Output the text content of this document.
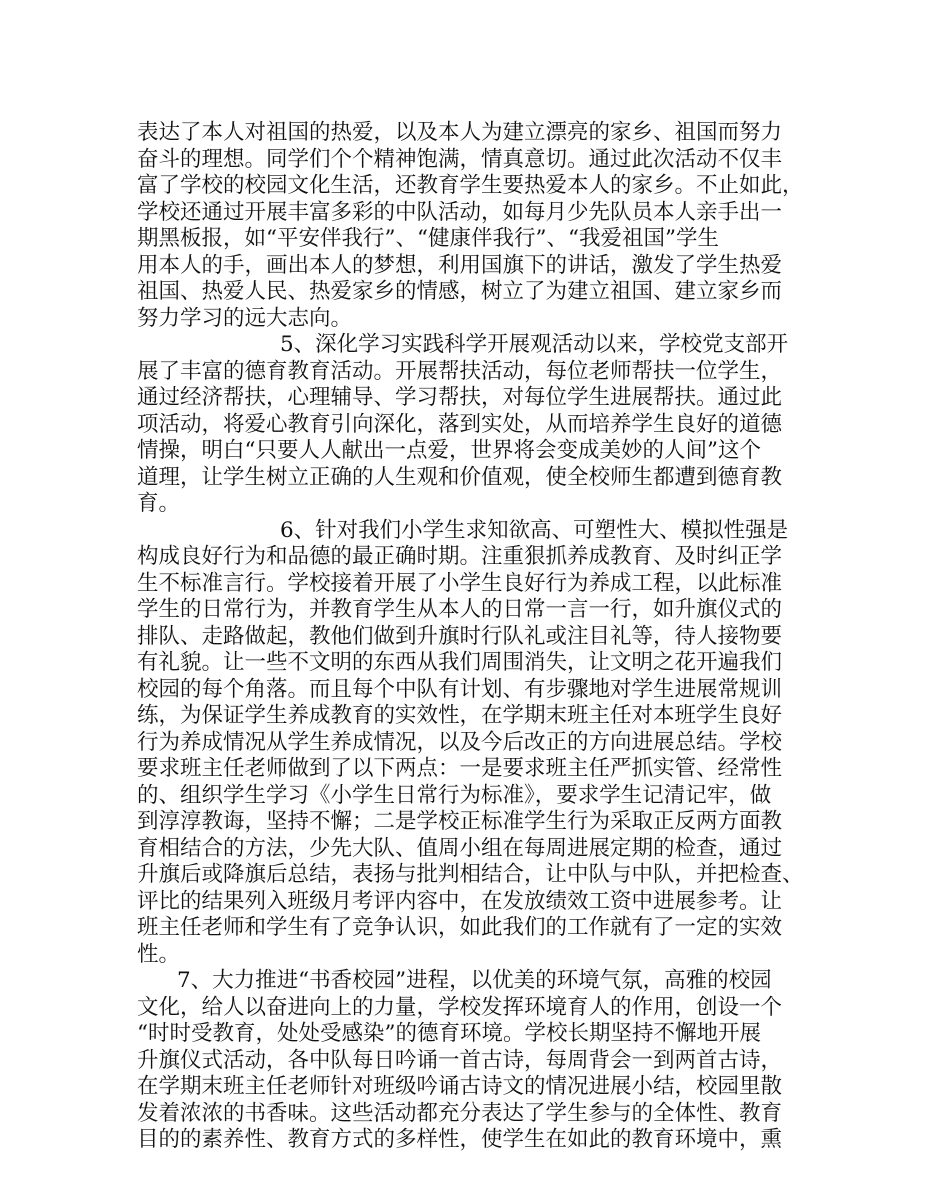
表达了本人对祖国的热爱，以及本人为建立漂亮的家乡、祖国而努力
奋斗的理想。同学们个个精神饱满，情真意切。通过此次活动不仅丰
富了学校的校园文化生活，还教育学生要热爱本人的家乡。不止如此，
学校还通过开展丰富多彩的中队活动，如每月少先队员本人亲手出一
期黑板报，如“平安伴我行”、“健康伴我行”、“我爱祖国”学生
用本人的手，画出本人的梦想，利用国旗下的讲话，激发了学生热爱
祖国、热爱人民、热爱家乡的情感，树立了为建立祖国、建立家乡而
努力学习的远大志向。
5、深化学习实践科学开展观活动以来，学校党支部开
展了丰富的德育教育活动。开展帮扶活动，每位老师帮扶一位学生，
通过经济帮扶，心理辅导、学习帮扶，对每位学生进展帮扶。通过此
项活动，将爱心教育引向深化，落到实处，从而培养学生良好的道德
情操，明白“只要人人献出一点爱，世界将会变成美妙的人间”这个
道理，让学生树立正确的人生观和价值观，使全校师生都遭到德育教
育。
6、针对我们小学生求知欲高、可塑性大、模拟性强是
构成良好行为和品德的最正确时期。注重狠抓养成教育、及时纠正学
生不标准言行。学校接着开展了小学生良好行为养成工程，以此标准
学生的日常行为，并教育学生从本人的日常一言一行，如升旗仪式的
排队、走路做起，教他们做到升旗时行队礼或注目礼等，待人接物要
有礼貌。让一些不文明的东西从我们周围消失，让文明之花开遍我们
校园的每个角落。而且每个中队有计划、有步骤地对学生进展常规训
练，为保证学生养成教育的实效性，在学期末班主任对本班学生良好
行为养成情况从学生养成情况，以及今后改正的方向进展总结。学校
要求班主任老师做到了以下两点：一是要求班主任严抓实管、经常性
的、组织学生学习《小学生日常行为标准》，要求学生记清记牢，做
到淳淳教诲，坚持不懈；二是学校正标准学生行为采取正反两方面教
育相结合的方法，少先大队、值周小组在每周进展定期的检查，通过
升旗后或降旗后总结，表扬与批判相结合，让中队与中队，并把检查、
评比的结果列入班级月考评内容中，在发放绩效工资中进展参考。让
班主任老师和学生有了竞争认识，如此我们的工作就有了一定的实效
性。
7、大力推进“书香校园”进程，以优美的环境气氛，高雅的校园
文化，给人以奋进向上的力量，学校发挥环境育人的作用，创设一个
“时时受教育，处处受感染”的德育环境。学校长期坚持不懈地开展
升旗仪式活动，各中队每日吟诵一首古诗，每周背会一到两首古诗，
在学期末班主任老师针对班级吟诵古诗文的情况进展小结，校园里散
发着浓浓的书香味。这些活动都充分表达了学生参与的全体性、教育
目的的素养性、教育方式的多样性，使学生在如此的教育环境中，熏
